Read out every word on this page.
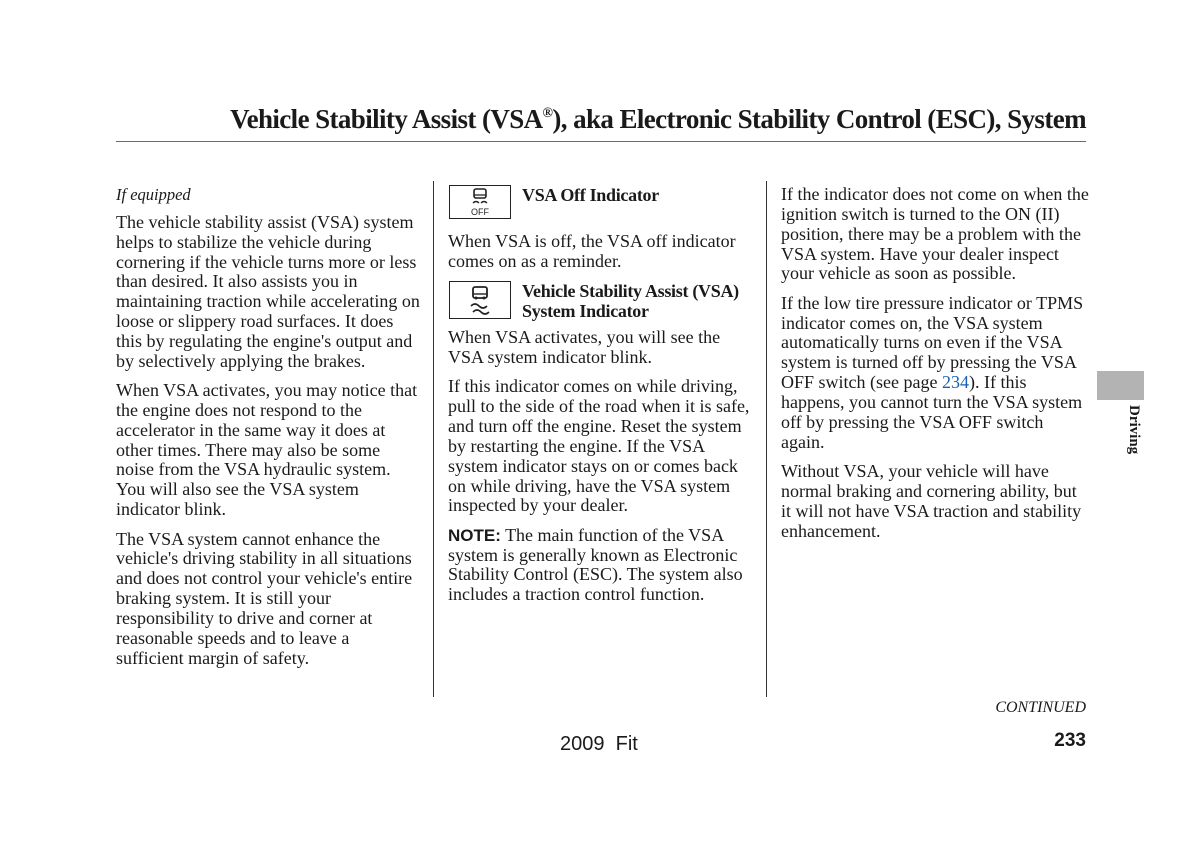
Vehicle Stability Assist (VSA®), aka Electronic Stability Control (ESC), System

If equipped

The vehicle stability assist (VSA) system helps to stabilize the vehicle during cornering if the vehicle turns more or less than desired. It also assists you in maintaining traction while accelerating on loose or slippery road surfaces. It does this by regulating the engine's output and by selectively applying the brakes.

When VSA activates, you may notice that the engine does not respond to the accelerator in the same way it does at other times. There may also be some noise from the VSA hydraulic system. You will also see the VSA system indicator blink.

The VSA system cannot enhance the vehicle's driving stability in all situations and does not control your vehicle's entire braking system. It is still your responsibility to drive and corner at reasonable speeds and to leave a sufficient margin of safety.

OFF
VSA Off Indicator

When VSA is off, the VSA off indicator comes on as a reminder.

Vehicle Stability Assist (VSA) System Indicator

When VSA activates, you will see the VSA system indicator blink.

If this indicator comes on while driving, pull to the side of the road when it is safe, and turn off the engine. Reset the system by restarting the engine. If the VSA system indicator stays on or comes back on while driving, have the VSA system inspected by your dealer.

NOTE: The main function of the VSA system is generally known as Electronic Stability Control (ESC). The system also includes a traction control function.

If the indicator does not come on when the ignition switch is turned to the ON (II) position, there may be a problem with the VSA system. Have your dealer inspect your vehicle as soon as possible.

If the low tire pressure indicator or TPMS indicator comes on, the VSA system automatically turns on even if the VSA system is turned off by pressing the VSA OFF switch (see page 234). If this happens, you cannot turn the VSA system off by pressing the VSA OFF switch again.

Without VSA, your vehicle will have normal braking and cornering ability, but it will not have VSA traction and stability enhancement.

Driving
CONTINUED
2009  Fit	233
